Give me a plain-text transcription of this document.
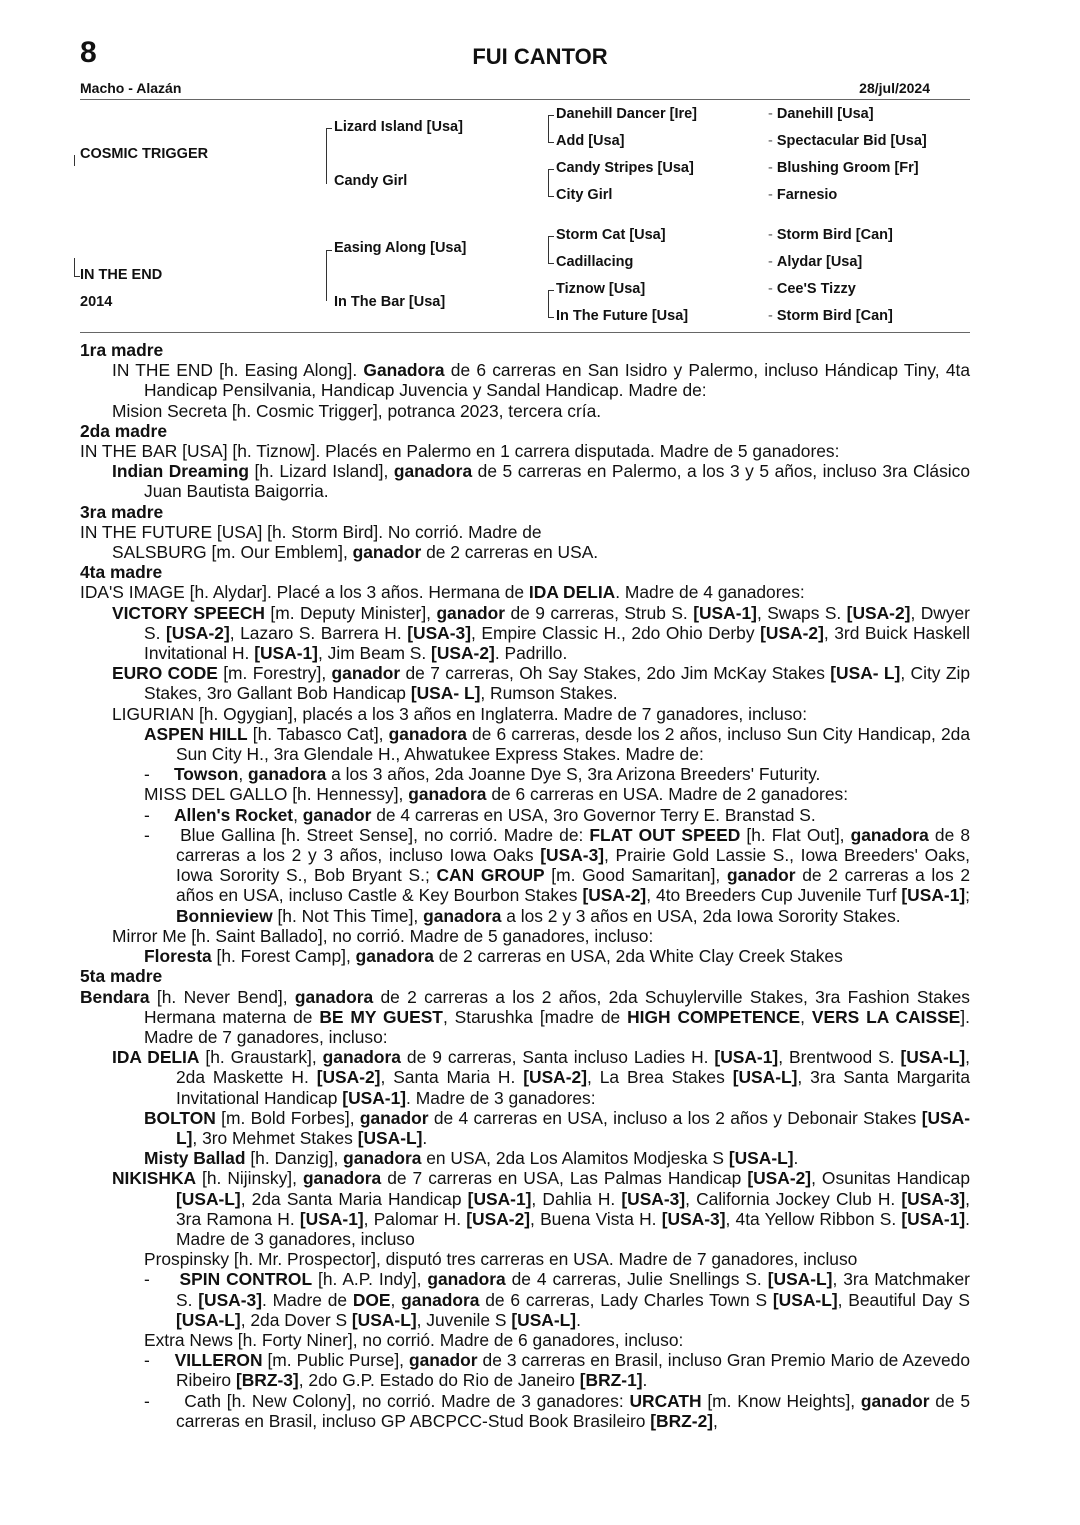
8	FUI CANTOR
Macho - Alazán	28/jul/2024
COSMIC TRIGGER
IN THE END
2014
Lizard Island [Usa]
Candy Girl
Easing Along [Usa]
In The Bar [Usa]
Danehill Dancer [Ire]
Add [Usa]
Candy Stripes [Usa]
City Girl
Storm Cat [Usa]
Cadillacing
Tiznow [Usa]
In The Future [Usa]
- Danehill [Usa]
- Spectacular Bid [Usa]
- Blushing Groom [Fr]
- Farnesio
- Storm Bird [Can]
- Alydar [Usa]
- Cee'S Tizzy
- Storm Bird [Can]

1ra madre

IN THE END [h. Easing Along]. Ganadora de 6 carreras en San Isidro y Palermo, incluso Hándicap Tiny, 4ta Handicap Pensilvania, Handicap Juvencia y Sandal Handicap. Madre de:

Mision Secreta [h. Cosmic Trigger], potranca 2023, tercera cría.

2da madre

IN THE BAR [USA] [h. Tiznow]. Placés en Palermo en 1 carrera disputada. Madre de 5 ganadores:

Indian Dreaming [h. Lizard Island], ganadora de 5 carreras en Palermo, a los 3 y 5 años, incluso 3ra Clásico Juan Bautista Baigorria.

3ra madre

IN THE FUTURE [USA] [h. Storm Bird]. No corrió. Madre de

SALSBURG [m. Our Emblem], ganador de 2 carreras en USA.

4ta madre

IDA'S IMAGE [h. Alydar]. Placé a los 3 años. Hermana de IDA DELIA. Madre de 4 ganadores:

VICTORY SPEECH [m. Deputy Minister], ganador de 9 carreras, Strub S. [USA-1], Swaps S. [USA-2], Dwyer S. [USA-2], Lazaro S. Barrera H. [USA-3], Empire Classic H., 2do Ohio Derby [USA-2], 3rd Buick Haskell Invitational H. [USA-1], Jim Beam S. [USA-2]. Padrillo.

EURO CODE [m. Forestry], ganador de 7 carreras, Oh Say Stakes, 2do Jim McKay Stakes [USA- L], City Zip Stakes, 3ro Gallant Bob Handicap [USA- L], Rumson Stakes.

LIGURIAN [h. Ogygian], placés a los 3 años en Inglaterra. Madre de 7 ganadores, incluso:

ASPEN HILL [h. Tabasco Cat], ganadora de 6 carreras, desde los 2 años, incluso Sun City Handicap, 2da Sun City H., 3ra Glendale H., Ahwatukee Express Stakes. Madre de:

-     Towson, ganadora a los 3 años, 2da Joanne Dye S, 3ra Arizona Breeders' Futurity.

MISS DEL GALLO [h. Hennessy], ganadora de 6 carreras en USA. Madre de 2 ganadores:

-     Allen's Rocket, ganador de 4 carreras en USA, 3ro Governor Terry E. Branstad S.

-     Blue Gallina [h. Street Sense], no corrió. Madre de: FLAT OUT SPEED [h. Flat Out], ganadora de 8 carreras a los 2 y 3 años, incluso Iowa Oaks [USA-3], Prairie Gold Lassie S., Iowa Breeders' Oaks, Iowa Sorority S., Bob Bryant S.; CAN GROUP [m. Good Samaritan], ganador de 2 carreras a los 2 años en USA, incluso Castle & Key Bourbon Stakes [USA-2], 4to Breeders Cup Juvenile Turf [USA-1]; Bonnieview [h. Not This Time], ganadora a los 2 y 3 años en USA, 2da Iowa Sorority Stakes.

Mirror Me [h. Saint Ballado], no corrió. Madre de 5 ganadores, incluso:

Floresta [h. Forest Camp], ganadora de 2 carreras en USA, 2da White Clay Creek Stakes

5ta madre

Bendara [h. Never Bend], ganadora de 2 carreras a los 2 años, 2da Schuylerville Stakes, 3ra Fashion Stakes Hermana materna de BE MY GUEST, Starushka [madre de HIGH COMPETENCE, VERS LA CAISSE]. Madre de 7 ganadores, incluso:

IDA DELIA [h. Graustark], ganadora de 9 carreras, Santa incluso Ladies H. [USA-1], Brentwood S. [USA-L], 2da Maskette H. [USA-2], Santa Maria H. [USA-2], La Brea Stakes [USA-L], 3ra Santa Margarita Invitational Handicap [USA-1]. Madre de 3 ganadores:

BOLTON [m. Bold Forbes], ganador de 4 carreras en USA, incluso a los 2 años y Debonair Stakes [USA-L], 3ro Mehmet Stakes [USA-L].

Misty Ballad [h. Danzig], ganadora en USA, 2da Los Alamitos Modjeska S [USA-L].

NIKISHKA [h. Nijinsky], ganadora de 7 carreras en USA, Las Palmas Handicap [USA-2], Osunitas Handicap [USA-L], 2da Santa Maria Handicap [USA-1], Dahlia H. [USA-3], California Jockey Club H. [USA-3], 3ra Ramona H. [USA-1], Palomar H. [USA-2], Buena Vista H. [USA-3], 4ta Yellow Ribbon S. [USA-1]. Madre de 3 ganadores, incluso

Prospinsky [h. Mr. Prospector], disputó tres carreras en USA. Madre de 7 ganadores, incluso

-     SPIN CONTROL [h. A.P. Indy], ganadora de 4 carreras, Julie Snellings S. [USA-L], 3ra Matchmaker S. [USA-3]. Madre de DOE, ganadora de 6 carreras, Lady Charles Town S [USA-L], Beautiful Day S [USA-L], 2da Dover S [USA-L], Juvenile S [USA-L].

Extra News [h. Forty Niner], no corrió. Madre de 6 ganadores, incluso:

-     VILLERON [m. Public Purse], ganador de 3 carreras en Brasil, incluso Gran Premio Mario de Azevedo Ribeiro [BRZ-3], 2do G.P. Estado do Rio de Janeiro [BRZ-1].

-      Cath [h. New Colony], no corrió. Madre de 3 ganadores: URCATH [m. Know Heights], ganador de 5 carreras en Brasil, incluso GP ABCPCC-Stud Book Brasileiro [BRZ-2],
